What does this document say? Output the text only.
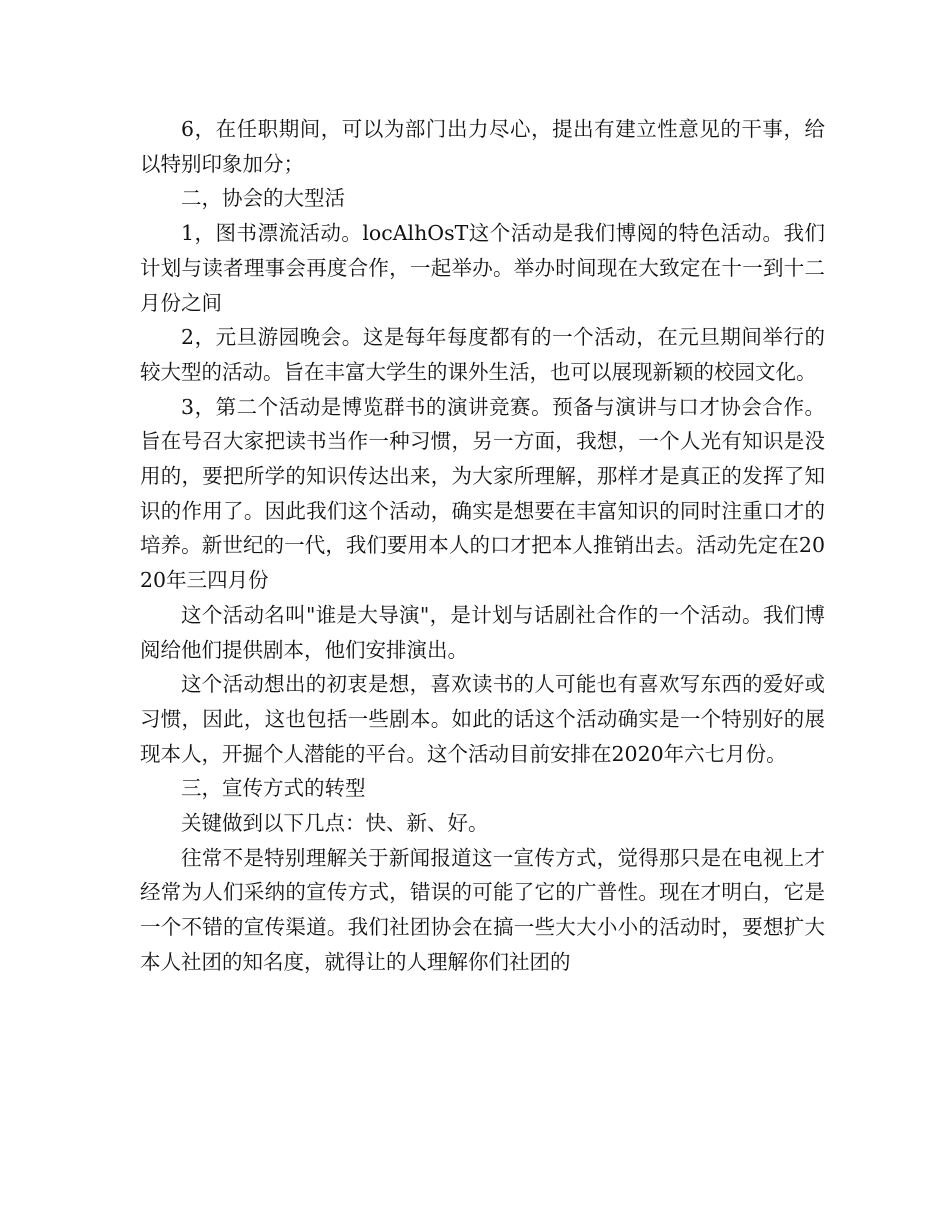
6，在任职期间，可以为部门出力尽心，提出有建立性意见的干事，给以特别印象加分；

二，协会的大型活

1，图书漂流活动。locAlhOsT这个活动是我们博阅的特色活动。我们计划与读者理事会再度合作，一起举办。举办时间现在大致定在十一到十二月份之间

2，元旦游园晚会。这是每年每度都有的一个活动，在元旦期间举行的较大型的活动。旨在丰富大学生的课外生活，也可以展现新颖的校园文化。

3，第二个活动是博览群书的演讲竞赛。预备与演讲与口才协会合作。旨在号召大家把读书当作一种习惯，另一方面，我想，一个人光有知识是没用的，要把所学的知识传达出来，为大家所理解，那样才是真正的发挥了知识的作用了。因此我们这个活动，确实是想要在丰富知识的同时注重口才的培养。新世纪的一代，我们要用本人的口才把本人推销出去。活动先定在2020年三四月份

这个活动名叫"谁是大导演"，是计划与话剧社合作的一个活动。我们博阅给他们提供剧本，他们安排演出。

这个活动想出的初衷是想，喜欢读书的人可能也有喜欢写东西的爱好或习惯，因此，这也包括一些剧本。如此的话这个活动确实是一个特别好的展现本人，开掘个人潜能的平台。这个活动目前安排在2020年六七月份。

三，宣传方式的转型

关键做到以下几点：快、新、好。

往常不是特别理解关于新闻报道这一宣传方式，觉得那只是在电视上才经常为人们采纳的宣传方式，错误的可能了它的广普性。现在才明白，它是一个不错的宣传渠道。我们社团协会在搞一些大大小小的活动时，要想扩大本人社团的知名度，就得让的人理解你们社团的
